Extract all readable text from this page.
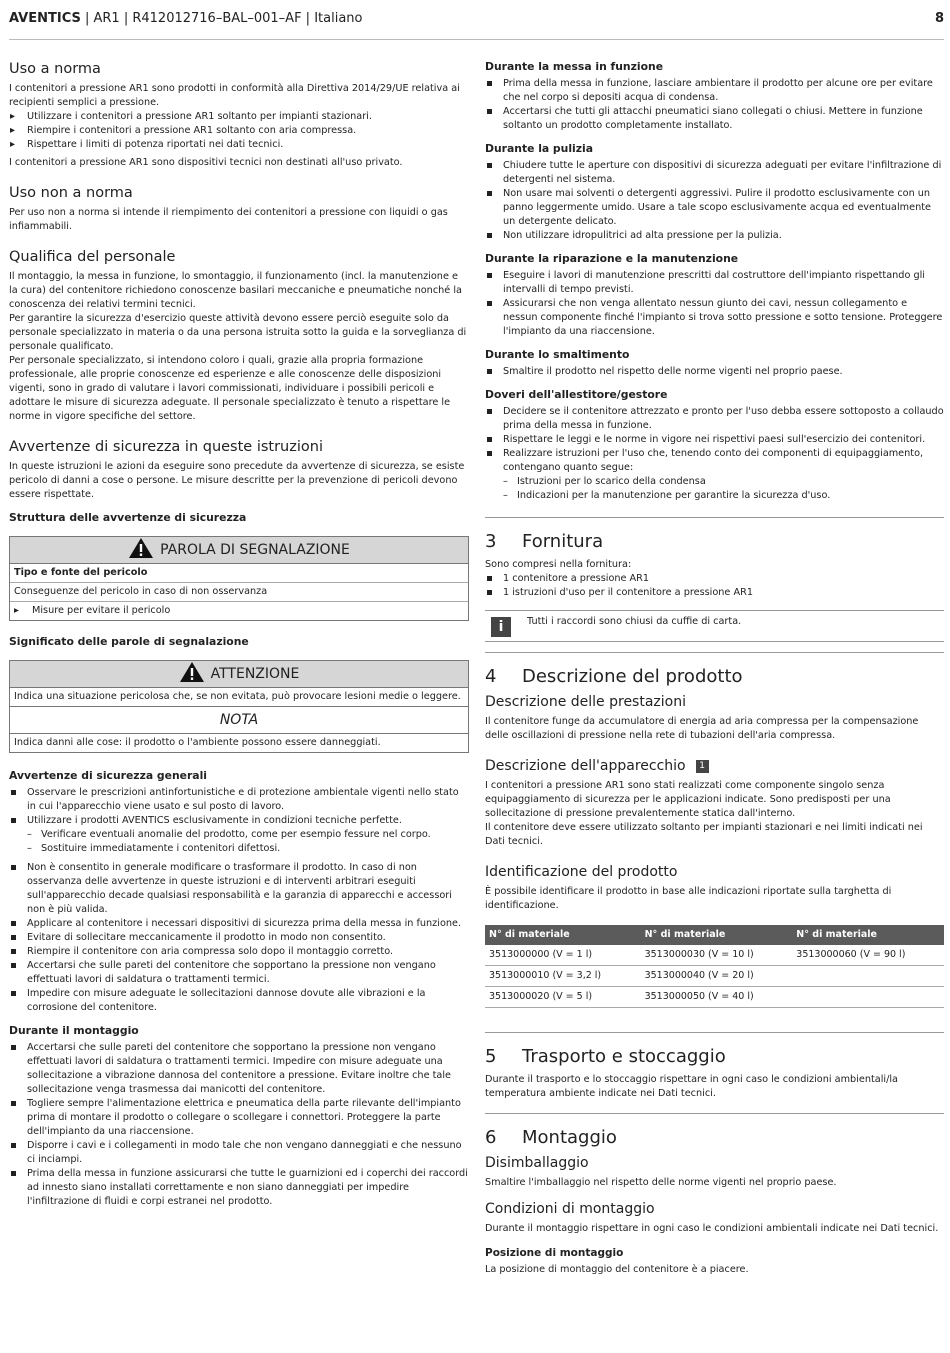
AVENTICS | AR1 | R412012716–BAL–001–AF | Italiano	8
Uso a norma

I contenitori a pressione AR1 sono prodotti in conformità alla Direttiva 2014/29/UE relativa ai recipienti semplici a pressione.

▸ Utilizzare i contenitori a pressione AR1 soltanto per impianti stazionari.
▸ Riempire i contenitori a pressione AR1 soltanto con aria compressa.
▸ Rispettare i limiti di potenza riportati nei dati tecnici.

I contenitori a pressione AR1 sono dispositivi tecnici non destinati all'uso privato.

Uso non a norma

Per uso non a norma si intende il riempimento dei contenitori a pressione con liquidi o gas infiammabili.

Qualifica del personale

Il montaggio, la messa in funzione, lo smontaggio, il funzionamento (incl. la manutenzione e la cura) del contenitore richiedono conoscenze basilari meccaniche e pneumatiche nonché la conoscenza dei relativi termini tecnici.

Per garantire la sicurezza d'esercizio queste attività devono essere perciò eseguite solo da personale specializzato in materia o da una persona istruita sotto la guida e la sorveglianza di personale qualificato.

Per personale specializzato, si intendono coloro i quali, grazie alla propria formazione professionale, alle proprie conoscenze ed esperienze e alle conoscenze delle disposizioni vigenti, sono in grado di valutare i lavori commissionati, individuare i possibili pericoli e adottare le misure di sicurezza adeguate. Il personale specializzato è tenuto a rispettare le norme in vigore specifiche del settore.

Avvertenze di sicurezza in queste istruzioni

In queste istruzioni le azioni da eseguire sono precedute da avvertenze di sicurezza, se esiste pericolo di danni a cose o persone. Le misure descritte per la prevenzione di pericoli devono essere rispettate.

Struttura delle avvertenze di sicurezza
PAROLA DI SEGNALAZIONE
Tipo e fonte del pericolo
Conseguenze del pericolo in caso di non osservanza
▸ Misure per evitare il pericolo
Significato delle parole di segnalazione
ATTENZIONE
Indica una situazione pericolosa che, se non evitata, può provocare lesioni medie o leggere.
NOTA
Indica danni alle cose: il prodotto o l'ambiente possono essere danneggiati.
Avvertenze di sicurezza generali
Osservare le prescrizioni antinfortunistiche e di protezione ambientale vigenti nello stato in cui l'apparecchio viene usato e sul posto di lavoro.
Utilizzare i prodotti AVENTICS esclusivamente in condizioni tecniche perfette.
– Verificare eventuali anomalie del prodotto, come per esempio fessure nel corpo.
– Sostituire immediatamente i contenitori difettosi.
Non è consentito in generale modificare o trasformare il prodotto. In caso di non osservanza delle avvertenze in queste istruzioni e di interventi arbitrari eseguiti sull'apparecchio decade qualsiasi responsabilità e la garanzia di apparecchi e accessori non è più valida.
Applicare al contenitore i necessari dispositivi di sicurezza prima della messa in funzione.
Evitare di sollecitare meccanicamente il prodotto in modo non consentito.
Riempire il contenitore con aria compressa solo dopo il montaggio corretto.
Accertarsi che sulle pareti del contenitore che sopportano la pressione non vengano effettuati lavori di saldatura o trattamenti termici.
Impedire con misure adeguate le sollecitazioni dannose dovute alle vibrazioni e la corrosione del contenitore.
Durante il montaggio
Accertarsi che sulle pareti del contenitore che sopportano la pressione non vengano effettuati lavori di saldatura o trattamenti termici. Impedire con misure adeguate una sollecitazione a vibrazione dannosa del contenitore a pressione. Evitare inoltre che tale sollecitazione venga trasmessa dai manicotti del contenitore.
Togliere sempre l'alimentazione elettrica e pneumatica della parte rilevante dell'impianto prima di montare il prodotto o collegare o scollegare i connettori. Proteggere la parte dell'impianto da una riaccensione.
Disporre i cavi e i collegamenti in modo tale che non vengano danneggiati e che nessuno ci inciampi.
Prima della messa in funzione assicurarsi che tutte le guarnizioni ed i coperchi dei raccordi ad innesto siano installati correttamente e non siano danneggiati per impedire l'infiltrazione di fluidi e corpi estranei nel prodotto.
Durante la messa in funzione
Prima della messa in funzione, lasciare ambientare il prodotto per alcune ore per evitare che nel corpo si depositi acqua di condensa.
Accertarsi che tutti gli attacchi pneumatici siano collegati o chiusi. Mettere in funzione soltanto un prodotto completamente installato.
Durante la pulizia
Chiudere tutte le aperture con dispositivi di sicurezza adeguati per evitare l'infiltrazione di detergenti nel sistema.
Non usare mai solventi o detergenti aggressivi. Pulire il prodotto esclusivamente con un panno leggermente umido. Usare a tale scopo esclusivamente acqua ed eventualmente un detergente delicato.
Non utilizzare idropulitrici ad alta pressione per la pulizia.
Durante la riparazione e la manutenzione
Eseguire i lavori di manutenzione prescritti dal costruttore dell'impianto rispettando gli intervalli di tempo previsti.
Assicurarsi che non venga allentato nessun giunto dei cavi, nessun collegamento e nessun componente finché l'impianto si trova sotto pressione e sotto tensione. Proteggere l'impianto da una riaccensione.
Durante lo smaltimento
Smaltire il prodotto nel rispetto delle norme vigenti nel proprio paese.
Doveri dell'allestitore/gestore
Decidere se il contenitore attrezzato e pronto per l'uso debba essere sottoposto a collaudo prima della messa in funzione.
Rispettare le leggi e le norme in vigore nei rispettivi paesi sull'esercizio dei contenitori.
Realizzare istruzioni per l'uso che, tenendo conto dei componenti di equipaggiamento, contengano quanto segue:
– Istruzioni per lo scarico della condensa
– Indicazioni per la manutenzione per garantire la sicurezza d'uso.
3 Fornitura

Sono compresi nella fornitura:

1 contenitore a pressione AR1
1 istruzioni d'uso per il contenitore a pressione AR1
i	Tutti i raccordi sono chiusi da cuffie di carta.
4 Descrizione del prodotto
Descrizione delle prestazioni

Il contenitore funge da accumulatore di energia ad aria compressa per la compensazione delle oscillazioni di pressione nella rete di tubazioni dell'aria compressa.

Descrizione dell'apparecchio 1

I contenitori a pressione AR1 sono stati realizzati come componente singolo senza equipaggiamento di sicurezza per le applicazioni indicate. Sono predisposti per una sollecitazione di pressione prevalentemente statica dall'interno.

Il contenitore deve essere utilizzato soltanto per impianti stazionari e nei limiti indicati nei Dati tecnici.

Identificazione del prodotto

È possibile identificare il prodotto in base alle indicazioni riportate sulla targhetta di identificazione.

N° di materiale	N° di materiale	N° di materiale
3513000000 (V = 1 l)	3513000030 (V = 10 l)	3513000060 (V = 90 l)
3513000010 (V = 3,2 l)	3513000040 (V = 20 l)	
3513000020 (V = 5 l)	3513000050 (V = 40 l)	
5 Trasporto e stoccaggio

Durante il trasporto e lo stoccaggio rispettare in ogni caso le condizioni ambientali/la temperatura ambiente indicate nei Dati tecnici.

6 Montaggio
Disimballaggio

Smaltire l'imballaggio nel rispetto delle norme vigenti nel proprio paese.

Condizioni di montaggio

Durante il montaggio rispettare in ogni caso le condizioni ambientali indicate nei Dati tecnici.

Posizione di montaggio

La posizione di montaggio del contenitore è a piacere.
